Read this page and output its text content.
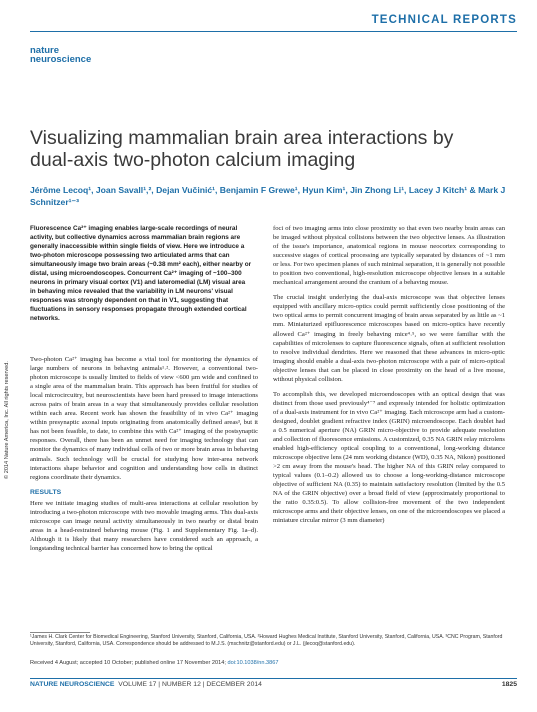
TECHNICAL REPORTS
nature
neuroscience
© 2014 Nature America, Inc. All rights reserved.
Visualizing mammalian brain area interactions by dual-axis two-photon calcium imaging
Jérôme Lecoq¹, Joan Savall¹,², Dejan Vučinić¹, Benjamin F Grewe¹, Hyun Kim¹, Jin Zhong Li¹, Lacey J Kitch¹ & Mark J Schnitzer¹⁻³

Fluorescence Ca²⁺ imaging enables large-scale recordings of neural activity, but collective dynamics across mammalian brain regions are generally inaccessible within single fields of view. Here we introduce a two-photon microscope possessing two articulated arms that can simultaneously image two brain areas (~0.38 mm² each), either nearby or distal, using microendoscopes. Concurrent Ca²⁺ imaging of ~100–300 neurons in primary visual cortex (V1) and lateromedial (LM) visual area in behaving mice revealed that the variability in LM neurons' visual responses was strongly dependent on that in V1, suggesting that fluctuations in sensory responses propagate through extended cortical networks.

Two-photon Ca²⁺ imaging has become a vital tool for monitoring the dynamics of large numbers of neurons in behaving animals¹˒². However, a conventional two-photon microscope is usually limited to fields of view <600 µm wide and confined to a single area of the mammalian brain. This approach has been fruitful for studies of local microcircuitry, but neuroscientists have been hard pressed to image interactions across pairs of brain areas in a way that simultaneously provides cellular resolution within each area. Recent work has shown the feasibility of in vivo Ca²⁺ imaging within presynaptic axonal inputs originating from anatomically defined areas³, but it has not been feasible, to date, to combine this with Ca²⁺ imaging of the postsynaptic responses. Overall, there has been an unmet need for imaging technology that can monitor the dynamics of many individual cells of two or more brain areas in behaving animals. Such technology will be crucial for studying how inter-area network interactions shape behavior and cognition and understanding how cells in distinct regions coordinate their dynamics.

RESULTS

Here we initiate imaging studies of multi-area interactions at cellular resolution by introducing a two-photon microscope with two movable imaging arms. This dual-axis microscope can image neural activity simultaneously in two nearby or distal brain areas in a head-restrained behaving mouse (Fig. 1 and Supplementary Fig. 1a–d). Although it is likely that many researchers have considered such an approach, a longstanding technical barrier has concerned how to bring the optical

foci of two imaging arms into close proximity so that even two nearby brain areas can be imaged without physical collisions between the two objective lenses. As illustration of the issue's importance, anatomical regions in mouse neocortex corresponding to successive stages of cortical processing are typically separated by distances of ~1 mm or less. For two specimen planes of such minimal separation, it is generally not possible to position two conventional, high-resolution microscope objective lenses in a suitable mechanical arrangement around the cranium of a behaving mouse.

The crucial insight underlying the dual-axis microscope was that objective lenses equipped with ancillary micro-optics could permit sufficiently close positioning of the two optical arms to permit concurrent imaging of brain areas separated by as little as ~1 mm. Miniaturized epifluorescence microscopes based on micro-optics have recently allowed Ca²⁺ imaging in freely behaving mice⁴˒⁵, so we were familiar with the capabilities of microlenses to capture fluorescence signals, often at sufficient resolution to resolve individual dendrites. Here we reasoned that these advances in micro-optic imaging should enable a dual-axis two-photon microscope with a pair of micro-optical objective lenses that can be placed in close proximity on the head of a live mouse, without physical collision.

To accomplish this, we developed microendoscopes with an optical design that was distinct from those used previously⁴⁻⁷ and expressly intended for holistic optimization of a dual-axis instrument for in vivo Ca²⁺ imaging. Each microscope arm had a custom-designed, doublet gradient refractive index (GRIN) microendoscope. Each doublet had a 0.5 numerical aperture (NA) GRIN micro-objective to provide adequate resolution and collection of fluorescence emissions. A customized, 0.35 NA GRIN relay microlens enabled high-efficiency optical coupling to a conventional, long-working distance microscope objective lens (24 mm working distance (WD), 0.35 NA, Nikon) positioned >2 cm away from the mouse's head. The higher NA of this GRIN relay compared to typical values (0.1–0.2) allowed us to choose a long-working-distance microscope objective of sufficient NA (0.35) to maintain satisfactory resolution (limited by the 0.5 NA of the GRIN objective) over a broad field of view (approximately proportional to the ratio 0.35:0.5). To allow collision-free movement of the two independent microscope arms and their objective lenses, on one of the microendoscopes we placed a miniature circular mirror (3 mm diameter)

¹James H. Clark Center for Biomedical Engineering, Stanford University, Stanford, California, USA. ²Howard Hughes Medical Institute, Stanford University, Stanford, California, USA. ³CNC Program, Stanford University, Stanford, California, USA. Correspondence should be addressed to M.J.S. (mschnitz@stanford.edu) or J.L. (jlecoq@stanford.edu).

Received 4 August; accepted 10 October; published online 17 November 2014; doi:10.1038/nn.3867

NATURE NEUROSCIENCE VOLUME 17 | NUMBER 12 | DECEMBER 2014	1825
